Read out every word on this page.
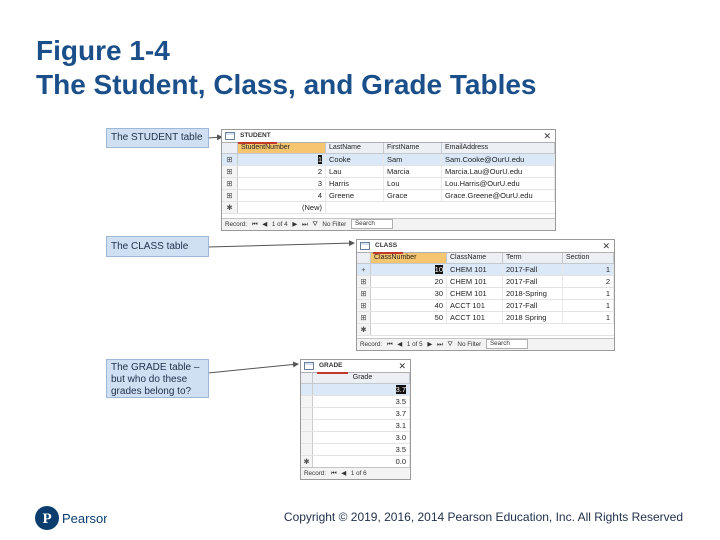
Figure 1-4
The Student, Class, and Grade Tables
The STUDENT table
The CLASS table
The GRADE table – but who do these grades belong to?
STUDENT	✕
StudentNumber	LastName	FirstName	EmailAddress
⊞	1 Cooke	Sam	Sam.Cooke@OurU.edu
⊞	2 Lau	Marcia	Marcia.Lau@OurU.edu
⊞	3 Harris	Lou	Lou.Harris@OurU.edu
⊞	4 Greene	Grace	Grace.Greene@OurU.edu
✱	(New)
Record: ⏮ ◀ 1 of 4 ▶ ⏭ ⛛ No Filter Search
CLASS	✕
ClassNumber	ClassName	Term	Section
+	10 CHEM 101	2017-Fall	1
⊞	20 CHEM 101	2017-Fall	2
⊞	30 CHEM 101	2018-Spring	1
⊞	40 ACCT 101	2017-Fall	1
⊞	50 ACCT 101	2018 Spring	1
✱
Record: ⏮ ◀ 1 of 5 ▶ ⏭ ⛛ No Filter Search
GRADE	✕
Grade
3.7
3.5
3.7
3.1
3.0
3.5
✱	0.0
Record: ⏮ ◀ 1 of 6
P Pearson	Copyright © 2019, 2016, 2014 Pearson Education, Inc. All Rights Reserved
